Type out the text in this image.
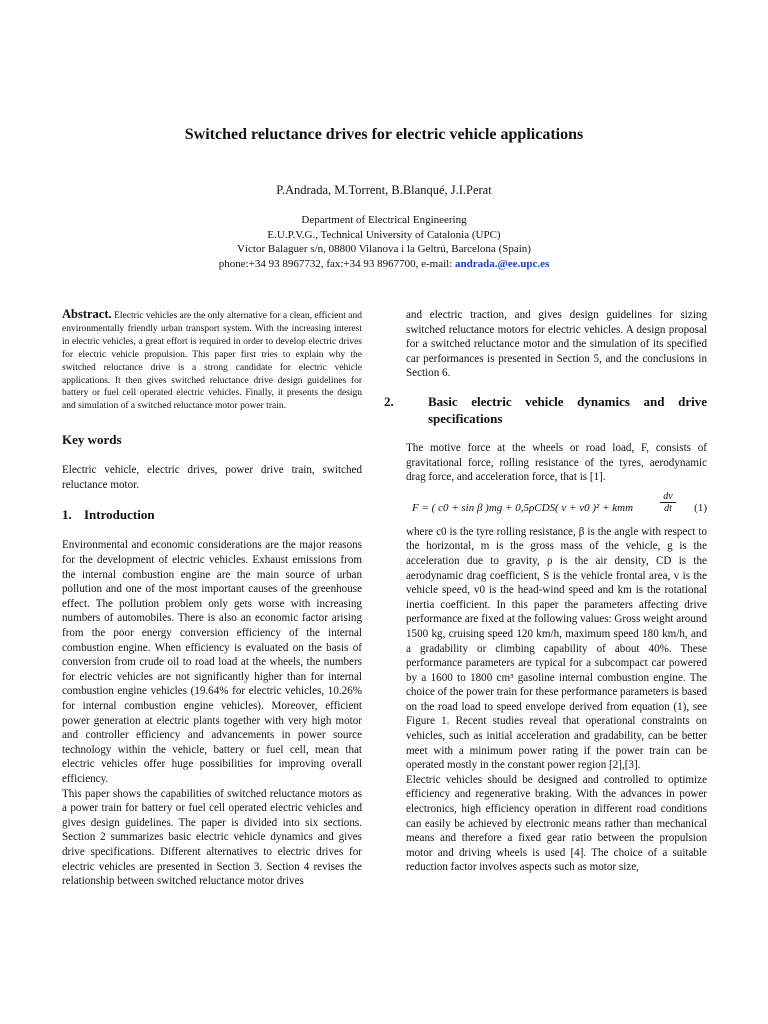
Switched reluctance drives for electric vehicle applications
P.Andrada, M.Torrent, B.Blanqué, J.I.Perat
Department of Electrical Engineering
E.U.P.V.G., Technical University of Catalonia (UPC)
Víctor Balaguer s/n, 08800 Vilanova i la Geltrú, Barcelona (Spain)
phone:+34 93 8967732, fax:+34 93 8967700, e-mail: andrada.@ee.upc.es

Abstract. Electric vehicles are the only alternative for a clean, efficient and environmentally friendly urban transport system. With the increasing interest in electric vehicles, a great effort is required in order to develop electric drives for electric vehicle propulsion. This paper first tries to explain why the switched reluctance drive is a strong candidate for electric vehicle applications. It then gives switched reluctance drive design guidelines for battery or fuel cell operated electric vehicles. Finally, it presents the design and simulation of a switched reluctance motor power train.

Key words

Electric vehicle, electric drives, power drive train, switched reluctance motor.

1. Introduction

Environmental and economic considerations are the major reasons for the development of electric vehicles. Exhaust emissions from the internal combustion engine are the main source of urban pollution and one of the most important causes of the greenhouse effect. The pollution problem only gets worse with increasing numbers of automobiles. There is also an economic factor arising from the poor energy conversion efficiency of the internal combustion engine. When efficiency is evaluated on the basis of conversion from crude oil to road load at the wheels, the numbers for electric vehicles are not significantly higher than for internal combustion engine vehicles (19.64% for electric vehicles, 10.26% for internal combustion engine vehicles). Moreover, efficient power generation at electric plants together with very high motor and controller efficiency and advancements in power source technology within the vehicle, battery or fuel cell, mean that electric vehicles offer huge possibilities for improving overall efficiency.

This paper shows the capabilities of switched reluctance motors as a power train for battery or fuel cell operated electric vehicles and gives design guidelines. The paper is divided into six sections. Section 2 summarizes basic electric vehicle dynamics and gives drive specifications. Different alternatives to electric drives for electric vehicles are presented in Section 3. Section 4 revises the relationship between switched reluctance motor drives

and electric traction, and gives design guidelines for sizing switched reluctance motors for electric vehicles. A design proposal for a switched reluctance motor and the simulation of its specified car performances is presented in Section 5, and the conclusions in Section 6.

2.	Basic electric vehicle dynamics and drive specifications

The motive force at the wheels or road load, F, consists of gravitational force, rolling resistance of the tyres, aerodynamic drag force, and acceleration force, that is [1].

F = ( c0 + sin β )mg + 0,5ρCDS( v + v0 )² + kmm	$\frac{dv}{dt} (1)$

where c0 is the tyre rolling resistance, β is the angle with respect to the horizontal, m is the gross mass of the vehicle, g is the acceleration due to gravity, ρ is the air density, CD is the aerodynamic drag coefficient, S is the vehicle frontal area, v is the vehicle speed, v0 is the head-wind speed and km is the rotational inertia coefficient. In this paper the parameters affecting drive performance are fixed at the following values: Gross weight around 1500 kg, cruising speed 120 km/h, maximum speed 180 km/h, and a gradability or climbing capability of about 40%. These performance parameters are typical for a subcompact car powered by a 1600 to 1800 cm³ gasoline internal combustion engine. The choice of the power train for these performance parameters is based on the road load to speed envelope derived from equation (1), see Figure 1. Recent studies reveal that operational constraints on vehicles, such as initial acceleration and gradability, can be better meet with a minimum power rating if the power train can be operated mostly in the constant power region [2],[3].

Electric vehicles should be designed and controlled to optimize efficiency and regenerative braking. With the advances in power electronics, high efficiency operation in different road conditions can easily be achieved by electronic means rather than mechanical means and therefore a fixed gear ratio between the propulsion motor and driving wheels is used [4]. The choice of a suitable reduction factor involves aspects such as motor size,
